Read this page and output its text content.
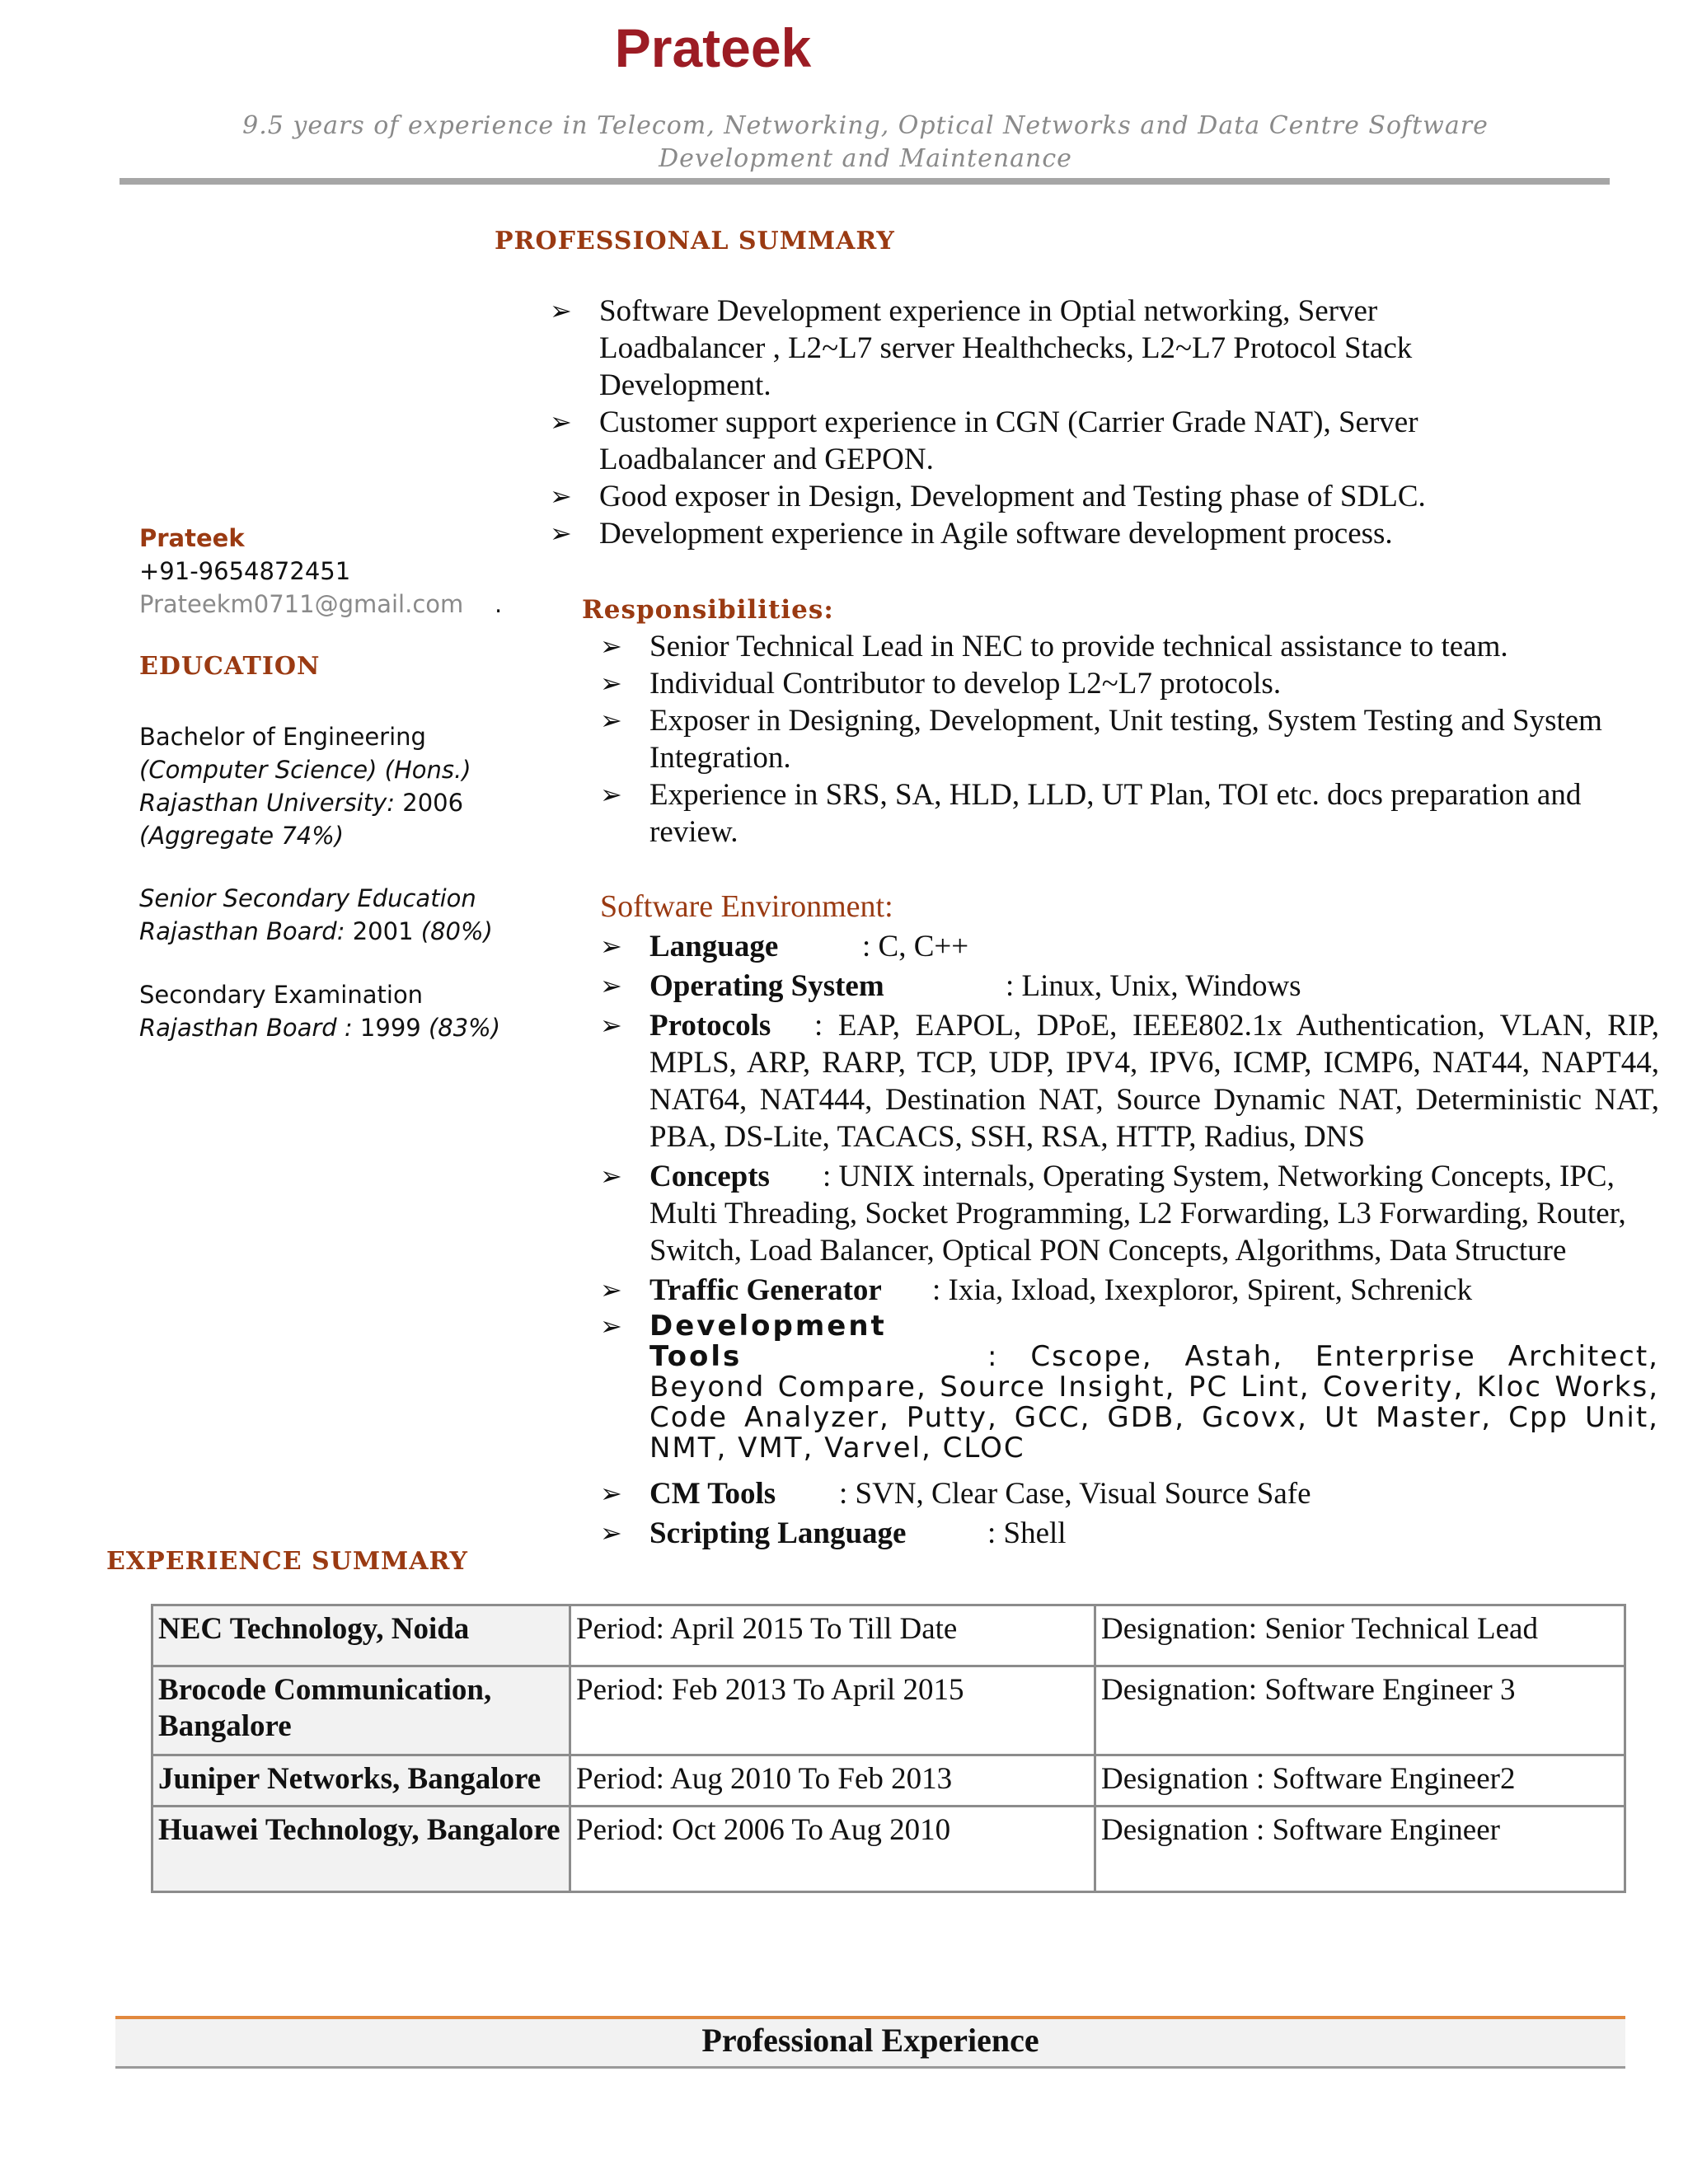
Prateek
9.5 years of experience in Telecom, Networking, Optical Networks and Data Centre Software Development and Maintenance
PROFESSIONAL SUMMARY
➢ Software Development experience in Optial networking, Server Loadbalancer , L2~L7 server Healthchecks, L2~L7 Protocol Stack Development.
➢ Customer support experience in CGN (Carrier Grade NAT), Server Loadbalancer and GEPON.
➢ Good exposer in Design, Development and Testing phase of SDLC.
➢ Development experience in Agile software development process.
Prateek
+91-9654872451
Prateekm0711@gmail.com	.
EDUCATION
Bachelor of Engineering
(Computer Science) (Hons.)
Rajasthan University: 2006
(Aggregate 74%)
Senior Secondary Education
Rajasthan Board: 2001 (80%)
Secondary Examination
Rajasthan Board : 1999 (83%)
Responsibilities:
➢ Senior Technical Lead in NEC to provide technical assistance to team.
➢ Individual Contributor to develop L2~L7 protocols.
➢ Exposer in Designing, Development, Unit testing, System Testing and System Integration.
➢ Experience in SRS, SA, HLD, LLD, UT Plan, TOI etc. docs preparation and review.
Software Environment:
➢ Language	: C, C++
➢ Operating System	: Linux, Unix, Windows
➢ Protocols : EAP, EAPOL, DPoE, IEEE802.1x Authentication, VLAN, RIP, MPLS, ARP, RARP, TCP, UDP, IPV4, IPV6, ICMP, ICMP6, NAT44, NAPT44, NAT64, NAT444, Destination NAT, Source Dynamic NAT, Deterministic NAT, PBA, DS-Lite, TACACS, SSH, RSA, HTTP, Radius, DNS
➢ Concepts : UNIX internals, Operating System, Networking Concepts, IPC, Multi Threading, Socket Programming, L2 Forwarding, L3 Forwarding, Router, Switch, Load Balancer, Optical PON Concepts, Algorithms, Data Structure
➢ Traffic Generator : Ixia, Ixload, Ixexploror, Spirent, Schrenick
➢ Development Tools	: Cscope, Astah, Enterprise Architect, Beyond Compare, Source Insight, PC Lint, Coverity, Kloc Works, Code Analyzer, Putty, GCC, GDB, Gcovx, Ut Master, Cpp Unit, NMT, VMT, Varvel, CLOC
➢ CM Tools : SVN, Clear Case, Visual Source Safe
➢ Scripting Language	: Shell
EXPERIENCE SUMMARY
NEC Technology, Noida	Period: April 2015 To Till Date	Designation: Senior Technical Lead
Brocode Communication, Bangalore	Period: Feb 2013 To April 2015	Designation: Software Engineer 3
Juniper Networks, Bangalore	Period: Aug 2010 To Feb 2013	Designation : Software Engineer2
Huawei Technology, Bangalore	Period: Oct 2006 To Aug 2010	Designation : Software Engineer
Professional Experience
